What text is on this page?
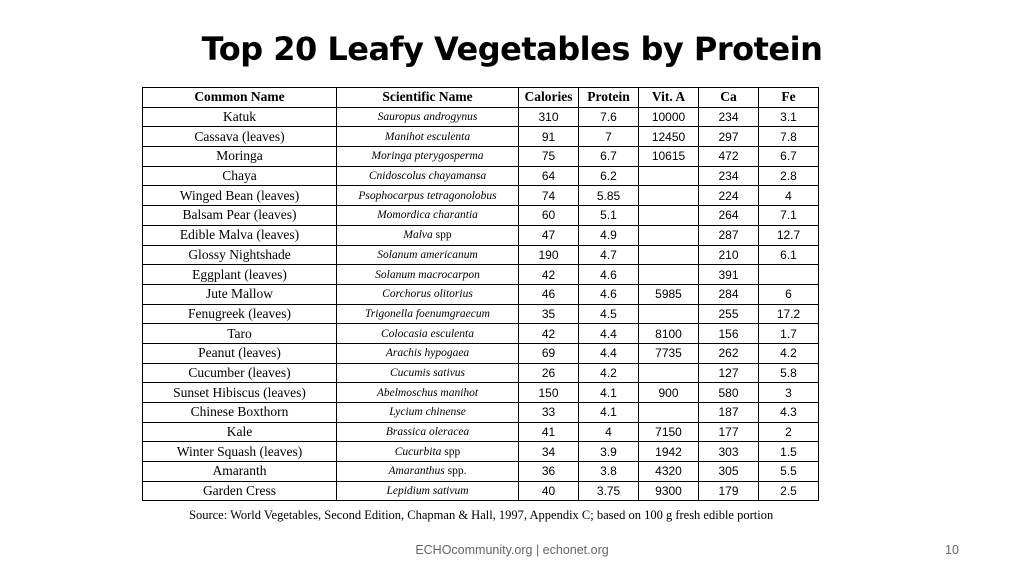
Top 20 Leafy Vegetables by Protein
Common Name	Scientific Name	Calories	Protein	Vit. A	Ca	Fe
Katuk	Sauropus androgynus	310	7.6	10000	234	3.1
Cassava (leaves)	Manihot esculenta	91	7	12450	297	7.8
Moringa	Moringa pterygosperma	75	6.7	10615	472	6.7
Chaya	Cnidoscolus chayamansa	64	6.2		234	2.8
Winged Bean (leaves)	Psophocarpus tetragonolobus	74	5.85		224	4
Balsam Pear (leaves)	Momordica charantia	60	5.1		264	7.1
Edible Malva (leaves)	Malva spp	47	4.9		287	12.7
Glossy Nightshade	Solanum americanum	190	4.7		210	6.1
Eggplant (leaves)	Solanum macrocarpon	42	4.6		391	
Jute Mallow	Corchorus olitorius	46	4.6	5985	284	6
Fenugreek (leaves)	Trigonella foenumgraecum	35	4.5		255	17.2
Taro	Colocasia esculenta	42	4.4	8100	156	1.7
Peanut (leaves)	Arachis hypogaea	69	4.4	7735	262	4.2
Cucumber (leaves)	Cucumis sativus	26	4.2		127	5.8
Sunset Hibiscus (leaves)	Abelmoschus manihot	150	4.1	900	580	3
Chinese Boxthorn	Lycium chinense	33	4.1		187	4.3
Kale	Brassica oleracea	41	4	7150	177	2
Winter Squash (leaves)	Cucurbita spp	34	3.9	1942	303	1.5
Amaranth	Amaranthus spp.	36	3.8	4320	305	5.5
Garden Cress	Lepidium sativum	40	3.75	9300	179	2.5
Source: World Vegetables, Second Edition, Chapman & Hall, 1997, Appendix C; based on 100 g fresh edible portion
ECHOcommunity.org | echonet.org	10
